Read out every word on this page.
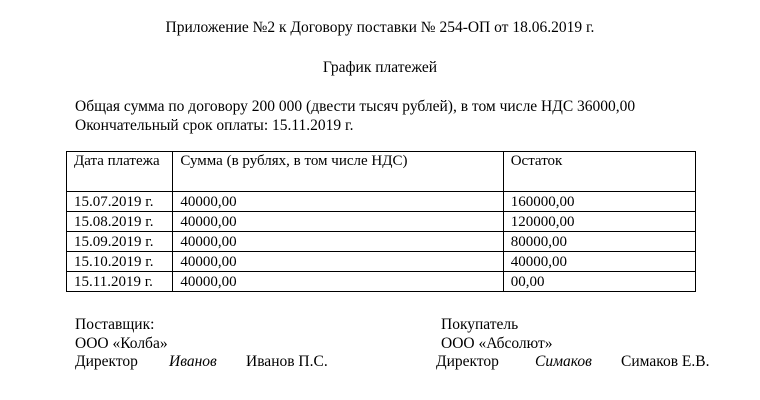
Приложение №2 к Договору поставки № 254-ОП от 18.06.2019 г.
График платежей
Общая сумма по договору 200 000 (двести тысяч рублей), в том числе НДС 36000,00
Окончательный срок оплаты: 15.11.2019 г.
Дата платежа	Сумма (в рублях, в том числе НДС)	Остаток
15.07.2019 г.	40000,00	160000,00
15.08.2019 г.	40000,00	120000,00
15.09.2019 г.	40000,00	80000,00
15.10.2019 г.	40000,00	40000,00
15.11.2019 г.	40000,00	00,00
Поставщик:
ООО «Колба»
Директор Иванов Иванов П.С.
Покупатель
ООО «Абсолют»
Директор Симаков Симаков Е.В.
